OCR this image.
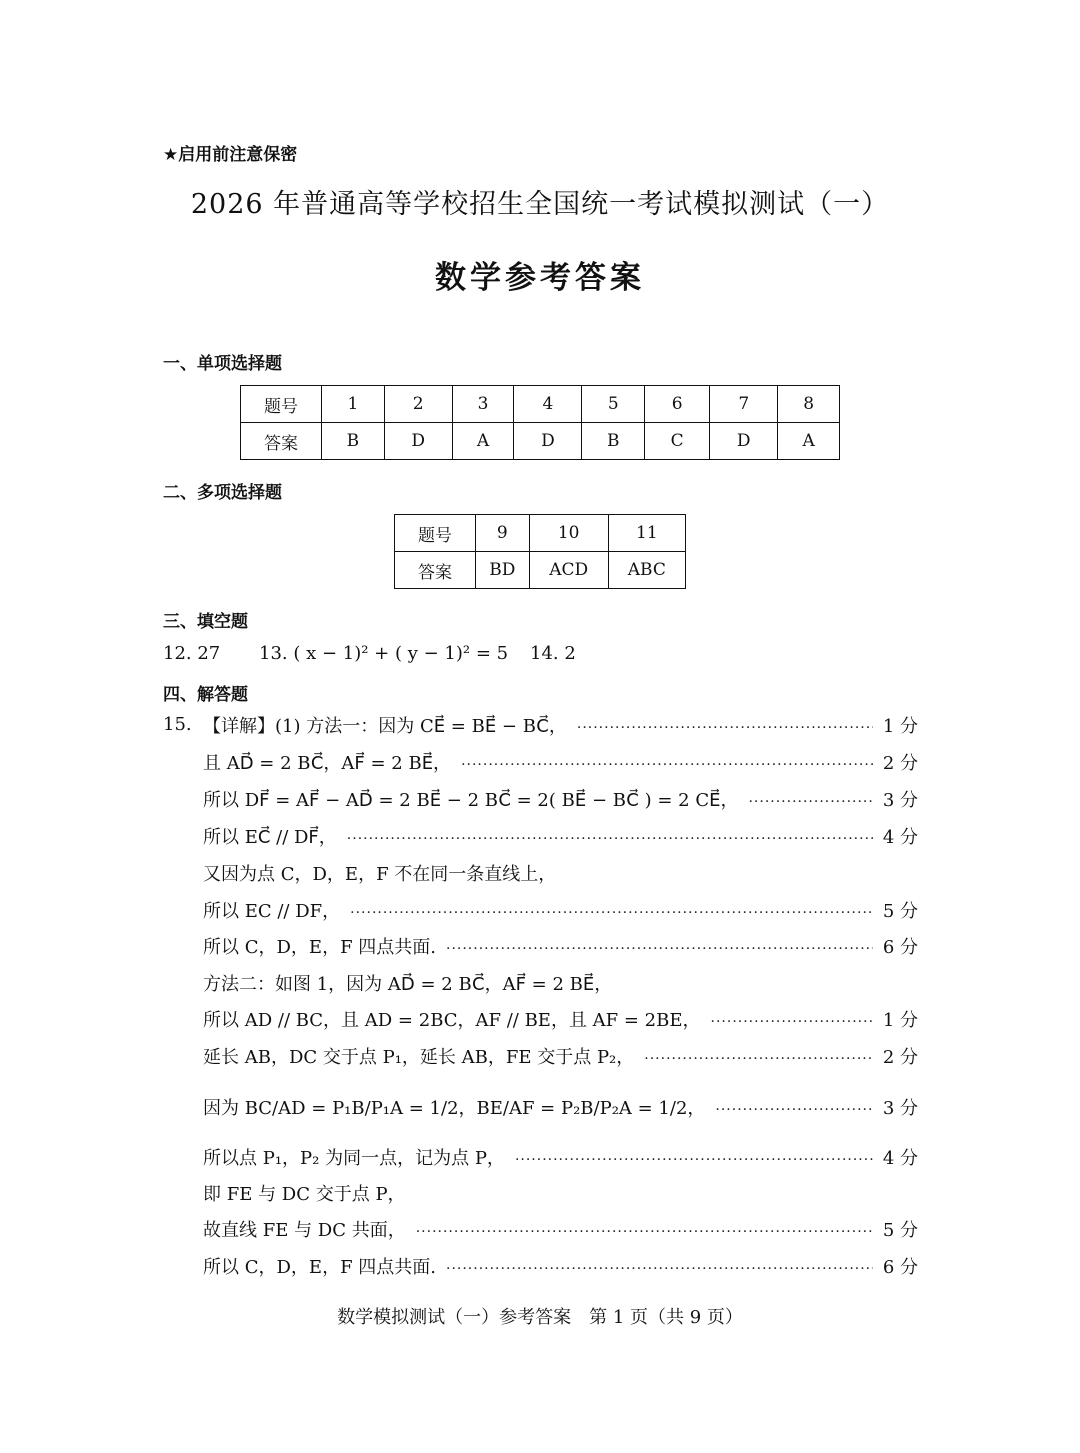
★启用前注意保密
2026 年普通高等学校招生全国统一考试模拟测试（一）
数学参考答案
一、单项选择题
题号	1	2	3	4	5	6	7	8
答案	B	D	A	D	B	C	D	A
二、多项选择题
题号	9	10	11
答案	BD	ACD	ABC
三、填空题
12. 27 13. ( x − 1)² + ( y − 1)² = 5 14. 2
四、解答题
15. 【详解】(1) 方法一：因为 CE⃗ = BE⃗ − BC⃗， ·····	1 分
且 AD⃗ = 2 BC⃗，AF⃗ = 2 BE⃗， ·····	2 分
所以 DF⃗ = AF⃗ − AD⃗ = 2 BE⃗ − 2 BC⃗ = 2( BE⃗ − BC⃗ ) = 2 CE⃗， ·····	3 分
所以 EC⃗ // DF⃗， ·····	4 分
又因为点 C，D，E，F 不在同一条直线上，
所以 EC // DF， ·····	5 分
所以 C，D，E，F 四点共面. ·····	6 分
方法二：如图 1，因为 AD⃗ = 2 BC⃗，AF⃗ = 2 BE⃗，
所以 AD // BC，且 AD = 2BC，AF // BE，且 AF = 2BE， ·····	1 分
延长 AB，DC 交于点 P₁，延长 AB，FE 交于点 P₂， ·····	2 分
因为 BC/AD = P₁B/P₁A = 1/2，BE/AF = P₂B/P₂A = 1/2， ·····	3 分
所以点 P₁，P₂ 为同一点，记为点 P， ·····	4 分
即 FE 与 DC 交于点 P，
故直线 FE 与 DC 共面， ·····	5 分
所以 C，D，E，F 四点共面. ·····	6 分
数学模拟测试（一）参考答案　第 1 页（共 9 页）
